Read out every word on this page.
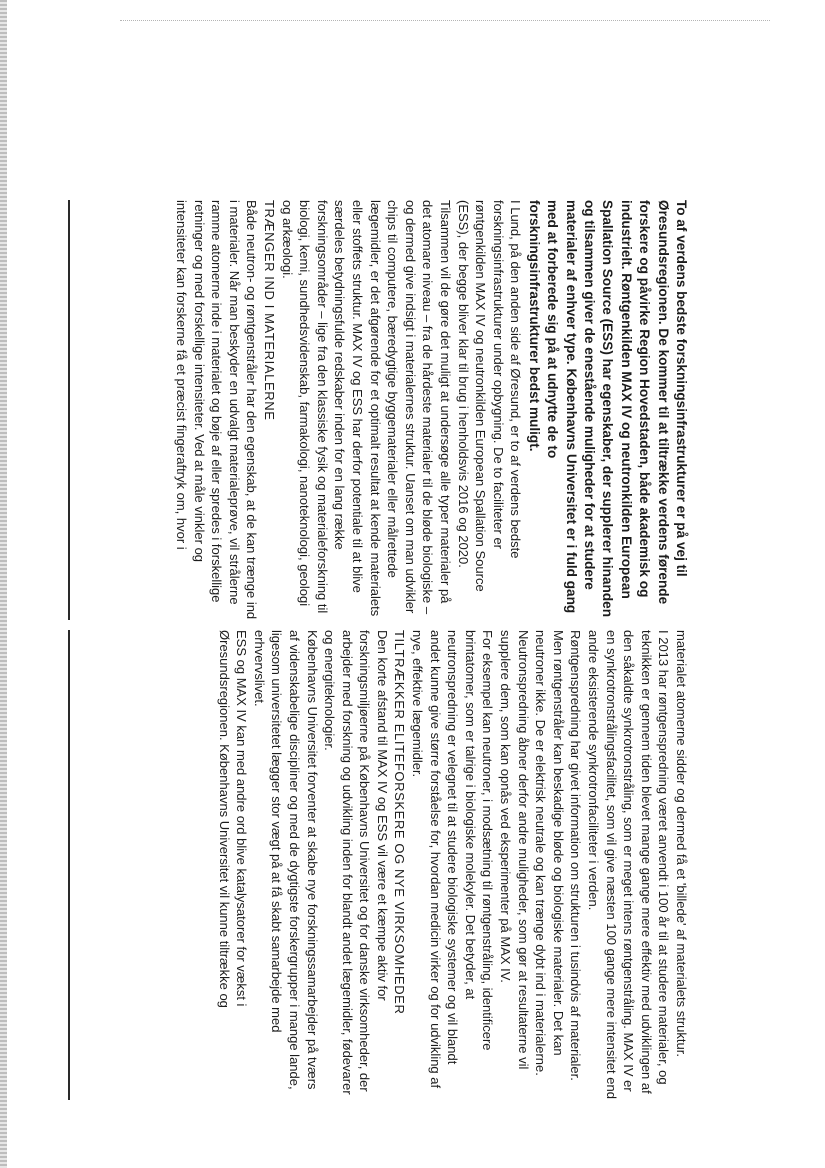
To af verdens bedste forskningsinfrastrukturer er på vej til Øresundsregionen. De kommer til at tiltrække verdens førende forskere og påvirke Region Hovedstaden, både akademisk og industrielt. Røntgenkilden MAX IV og neutronkilden European Spallation Source (ESS) har egenskaber, der supplerer hinanden og tilsammen giver de enestående muligheder for at studere materialer af enhver type. Københavns Universitet er i fuld gang med at forberede sig på at udnytte de to forskningsinfrastrukturer bedst muligt.

I Lund, på den anden side af Øresund, er to af verdens bedste forskningsinfrastrukturer under opbygning. De to faciliteter er røntgenkilden MAX IV og neutronkilden European Spallation Source (ESS), der begge bliver klar til brug i henholdsvis 2016 og 2020.

Tilsammen vil de gøre det muligt at undersøge alle typer materialer på det atomare niveau – fra de hårdeste materialer til de bløde biologiske – og dermed give indsigt i materialernes struktur. Uanset om man udvikler chips til computere, bæredygtige byggematerialer eller målrettede lægemidler, er det afgørende for et optimalt resultat at kende materialets eller stoffets struktur. MAX IV og ESS har derfor potentiale til at blive særdeles betydningsfulde redskaber inden for en lang række forskningsområder – lige fra den klassiske fysik og materialeforskning til biologi, kemi, sundhedsvidenskab, farmakologi, nanoteknologi, geologi og arkæologi.

TRÆNGER IND I MATERIALERNE

Både neutron- og røntgenstråler har den egenskab, at de kan trænge ind i materialer. Når man beskyder en udvalgt materialeprøve, vil strålerne ramme atomerne inde i materialet og bøje af eller spredes i forskellige retninger og med forskellige intensiteter. Ved at måle vinkler og intensiteter kan forskerne få et præcist fingeraftryk om, hvor i

materialet atomerne sidder og dermed få et 'billede' af materialets struktur.

I 2013 har røntgenspredning været anvendt i 100 år til at studere materialer, og teknikken er gennem tiden blevet mange gange mere effektiv med udviklingen af den såkaldte synkrotronstråling, som er meget intens røntgenstråling. MAX IV er en synkrotronstrålingsfacilitet, som vil give næsten 100 gange mere intensitet end andre eksisterende synkrotronfaciliteter i verden.

Røntgenspredning har givet information om strukturen i tusindvis af materialer. Men røntgenstråler kan beskadige bløde og biologiske materialer. Det kan neutroner ikke. De er elektrisk neutrale og kan trænge dybt ind i materialerne. Neutronspredning åbner derfor andre muligheder, som gør at resultaterne vil supplere dem, som kan opnås ved eksperimenter på MAX IV.

For eksempel kan neutroner, i modsætning til røntgenstråling, identificere brintatomer, som er talrige i biologiske molekyler. Det betyder, at neutronspredning er velegnet til at studere biologiske systemer og vil blandt andet kunne give større forståelse for, hvordan medicin virker og for udvikling af nye, effektive lægemidler.

TILTRÆKKER ELITEFORSKERE OG NYE VIRKSOMHEDER

Den korte afstand til MAX IV og ESS vil være et kæmpe aktiv for forskningsmiljøerne på Københavns Universitet og for danske virksomheder, der arbejder med forskning og udvikling inden for blandt andet lægemidler, fødevarer og energiteknologier.

Københavns Universitet forventer at skabe nye forskningssamarbejder på tværs af videnskabelige discipliner og med de dygtigste forskergrupper i mange lande, ligesom universitetet lægger stor vægt på at få skabt samarbejde med erhvervslivet.

ESS og MAX IV kan med andre ord blive katalysatorer for vækst i Øresundsregionen. Københavns Universitet vil kunne tiltrække og
